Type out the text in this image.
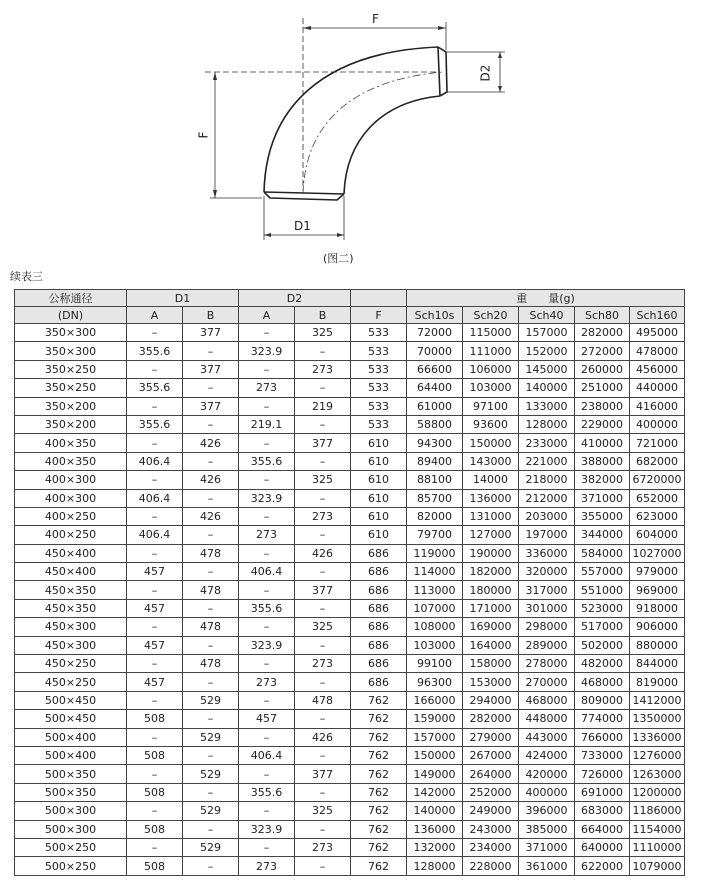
F
F
D2
D1
(图二)
续表三
公称通径	D1		D2			重      量(g)				
(DN)	A	B	A	B	F	Sch10s	Sch20	Sch40	Sch80	Sch160
350×300	–	377	–	325	533	72000	115000	157000	282000	495000
350×300	355.6	–	323.9	–	533	70000	111000	152000	272000	478000
350×250	–	377	–	273	533	66600	106000	145000	260000	456000
350×250	355.6	–	273	–	533	64400	103000	140000	251000	440000
350×200	–	377	–	219	533	61000	97100	133000	238000	416000
350×200	355.6	–	219.1	–	533	58800	93600	128000	229000	400000
400×350	–	426	–	377	610	94300	150000	233000	410000	721000
400×350	406.4	–	355.6	–	610	89400	143000	221000	388000	682000
400×300	–	426	–	325	610	88100	14000	218000	382000	6720000
400×300	406.4	–	323.9	–	610	85700	136000	212000	371000	652000
400×250	–	426	–	273	610	82000	131000	203000	355000	623000
400×250	406.4	–	273	–	610	79700	127000	197000	344000	604000
450×400	–	478	–	426	686	119000	190000	336000	584000	1027000
450×400	457	–	406.4	–	686	114000	182000	320000	557000	979000
450×350	–	478	–	377	686	113000	180000	317000	551000	969000
450×350	457	–	355.6	–	686	107000	171000	301000	523000	918000
450×300	–	478	–	325	686	108000	169000	298000	517000	906000
450×300	457	–	323.9	–	686	103000	164000	289000	502000	880000
450×250	–	478	–	273	686	99100	158000	278000	482000	844000
450×250	457	–	273	–	686	96300	153000	270000	468000	819000
500×450	–	529	–	478	762	166000	294000	468000	809000	1412000
500×450	508	–	457	–	762	159000	282000	448000	774000	1350000
500×400	–	529	–	426	762	157000	279000	443000	766000	1336000
500×400	508	–	406.4	–	762	150000	267000	424000	733000	1276000
500×350	–	529	–	377	762	149000	264000	420000	726000	1263000
500×350	508	–	355.6	–	762	142000	252000	400000	691000	1200000
500×300	–	529	–	325	762	140000	249000	396000	683000	1186000
500×300	508	–	323.9	–	762	136000	243000	385000	664000	1154000
500×250	–	529	–	273	762	132000	234000	371000	640000	1110000
500×250	508	–	273	–	762	128000	228000	361000	622000	1079000
